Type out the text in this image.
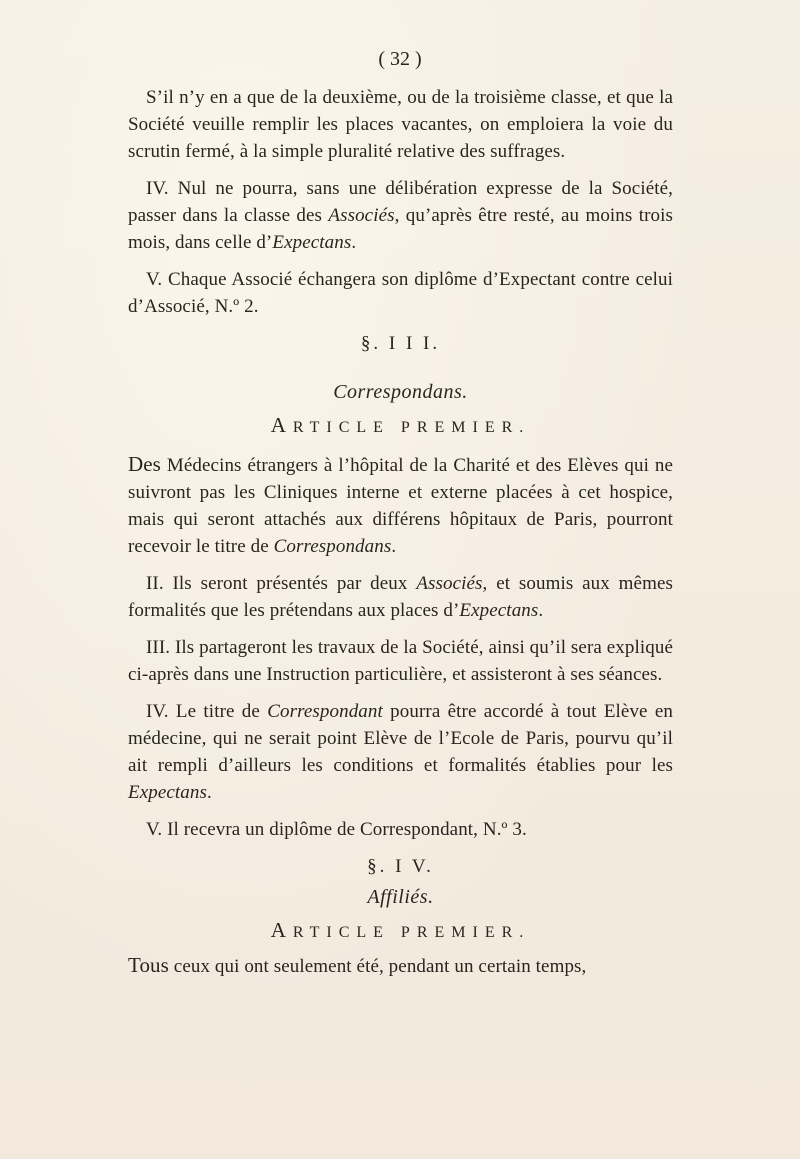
( 32 )

S’il n’y en a que de la deuxième, ou de la troisième classe, et que la Société veuille remplir les places vacantes, on emploiera la voie du scrutin fermé, à la simple pluralité relative des suffrages.

IV. Nul ne pourra, sans une délibération expresse de la Société, passer dans la classe des Associés, qu’après être resté, au moins trois mois, dans celle d’Expectans.

V. Chaque Associé échangera son diplôme d’Expectant contre celui d’Associé, N.º 2.

§. I I I.

Correspondans.

ARTICLE PREMIER.

Des Médecins étrangers à l’hôpital de la Charité et des Elèves qui ne suivront pas les Cliniques interne et externe placées à cet hospice, mais qui seront attachés aux différens hôpitaux de Paris, pourront recevoir le titre de Correspondans.

II. Ils seront présentés par deux Associés, et soumis aux mêmes formalités que les prétendans aux places d’Expectans.

III. Ils partageront les travaux de la Société, ainsi qu’il sera expliqué ci-après dans une Instruction particulière, et assisteront à ses séances.

IV. Le titre de Correspondant pourra être accordé à tout Elève en médecine, qui ne serait point Elève de l’Ecole de Paris, pourvu qu’il ait rempli d’ailleurs les conditions et formalités établies pour les Expectans.

V. Il recevra un diplôme de Correspondant, N.º 3.

§. I V.

Affiliés.

ARTICLE PREMIER.

Tous ceux qui ont seulement été, pendant un certain temps,
